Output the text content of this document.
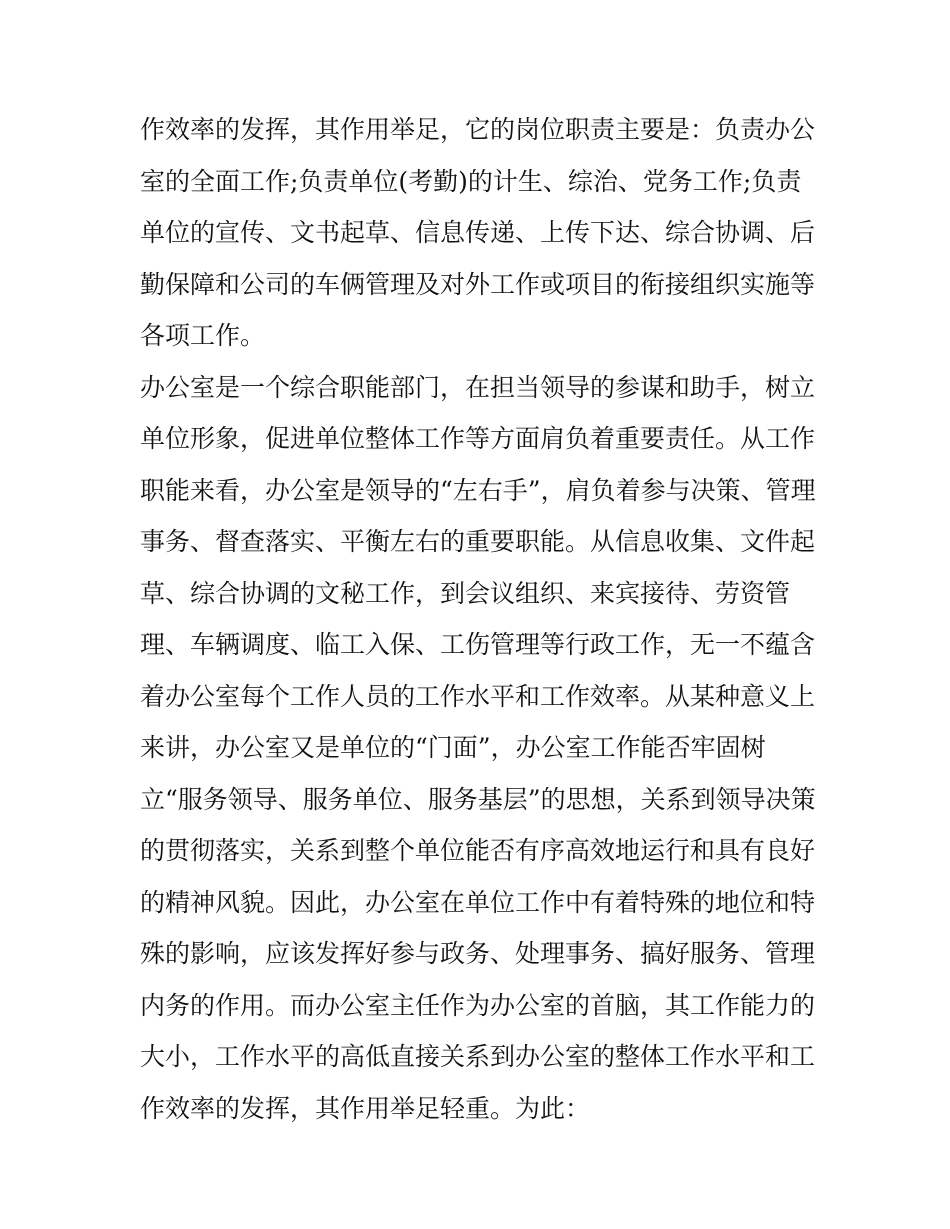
作效率的发挥，其作用举足，它的岗位职责主要是：负责办公
室的全面工作;负责单位(考勤)的计生、综治、党务工作;负责
单位的宣传、文书起草、信息传递、上传下达、综合协调、后
勤保障和公司的车俩管理及对外工作或项目的衔接组织实施等
各项工作。
办公室是一个综合职能部门，在担当领导的参谋和助手，树立
单位形象，促进单位整体工作等方面肩负着重要责任。从工作
职能来看，办公室是领导的“左右手”，肩负着参与决策、管理
事务、督查落实、平衡左右的重要职能。从信息收集、文件起
草、综合协调的文秘工作，到会议组织、来宾接待、劳资管
理、车辆调度、临工入保、工伤管理等行政工作，无一不蕴含
着办公室每个工作人员的工作水平和工作效率。从某种意义上
来讲，办公室又是单位的“门面”，办公室工作能否牢固树
立“服务领导、服务单位、服务基层”的思想，关系到领导决策
的贯彻落实，关系到整个单位能否有序高效地运行和具有良好
的精神风貌。因此，办公室在单位工作中有着特殊的地位和特
殊的影响，应该发挥好参与政务、处理事务、搞好服务、管理
内务的作用。而办公室主任作为办公室的首脑，其工作能力的
大小，工作水平的高低直接关系到办公室的整体工作水平和工
作效率的发挥，其作用举足轻重。为此：
